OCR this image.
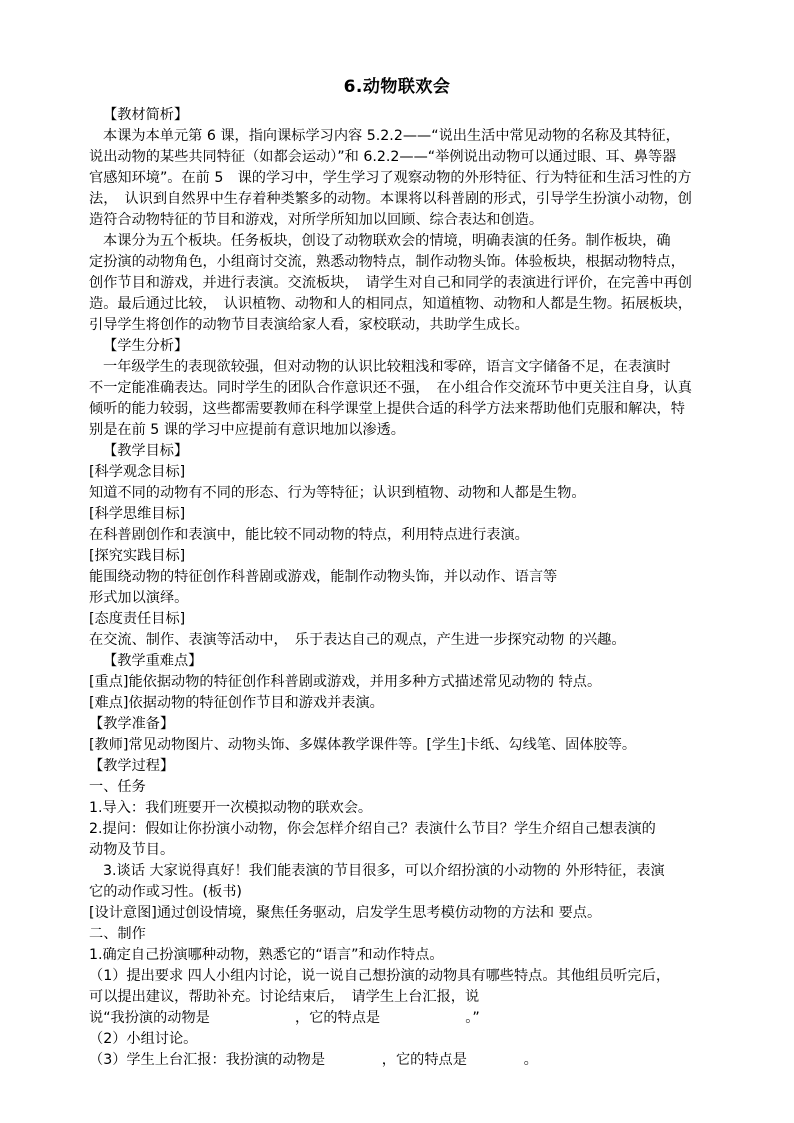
6.动物联欢会
【教材简析】
本课为本单元第 6 课，指向课标学习内容 5.2.2——“说出生活中常见动物的名称及其特征，
说出动物的某些共同特征（如都会运动）”和 6.2.2——“举例说出动物可以通过眼、耳、鼻等器
官感知环境”。在前 5　课的学习中，学生学习了观察动物的外形特征、行为特征和生活习性的方
法，　认识到自然界中生存着种类繁多的动物。本课将以科普剧的形式，引导学生扮演小动物，创
造符合动物特征的节目和游戏，对所学所知加以回顾、综合表达和创造。
本课分为五个板块。任务板块，创设了动物联欢会的情境，明确表演的任务。制作板块，确
定扮演的动物角色，小组商讨交流，熟悉动物特点，制作动物头饰。体验板块，根据动物特点，
创作节目和游戏，并进行表演。交流板块，　请学生对自己和同学的表演进行评价，在完善中再创
造。最后通过比较，　认识植物、动物和人的相同点，知道植物、动物和人都是生物。拓展板块，
引导学生将创作的动物节目表演给家人看，家校联动，共助学生成长。
【学生分析】
一年级学生的表现欲较强，但对动物的认识比较粗浅和零碎，语言文字储备不足，在表演时
不一定能准确表达。同时学生的团队合作意识还不强，　在小组合作交流环节中更关注自身，认真
倾听的能力较弱，这些都需要教师在科学课堂上提供合适的科学方法来帮助他们克服和解决，特
别是在前 5 课的学习中应提前有意识地加以渗透。
【教学目标】
[科学观念目标]
知道不同的动物有不同的形态、行为等特征；认识到植物、动物和人都是生物。
[科学思维目标]
在科普剧创作和表演中，能比较不同动物的特点，利用特点进行表演。
[探究实践目标]
能围绕动物的特征创作科普剧或游戏，能制作动物头饰，并以动作、语言等
形式加以演绎。
[态度责任目标]
在交流、制作、表演等活动中，　乐于表达自己的观点，产生进一步探究动物 的兴趣。
【教学重难点】
[重点]能依据动物的特征创作科普剧或游戏，并用多种方式描述常见动物的 特点。
[难点]依据动物的特征创作节目和游戏并表演。
【教学准备】
[教师]常见动物图片、动物头饰、多媒体教学课件等。[学生]卡纸、勾线笔、固体胶等。
【教学过程】
一、任务
1.导入：我们班要开一次模拟动物的联欢会。
2.提问：假如让你扮演小动物，你会怎样介绍自己？表演什么节目？学生介绍自己想表演的
动物及节目。
3.谈话 大家说得真好！我们能表演的节目很多，可以介绍扮演的小动物的 外形特征，表演
它的动作或习性。(板书)
[设计意图]通过创设情境，聚焦任务驱动，启发学生思考模仿动物的方法和 要点。
二、制作
1.确定自己扮演哪种动物，熟悉它的“语言”和动作特点。
（1）提出要求 四人小组内讨论，说一说自己想扮演的动物具有哪些特点。其他组员听完后，
可以提出建议，帮助补充。讨论结束后，　请学生上台汇报，说
说“我扮演的动物是　　　　　　，它的特点是　　　　　　。”
（2）小组讨论。
（3）学生上台汇报：我扮演的动物是　　　　，它的特点是　　　　。
